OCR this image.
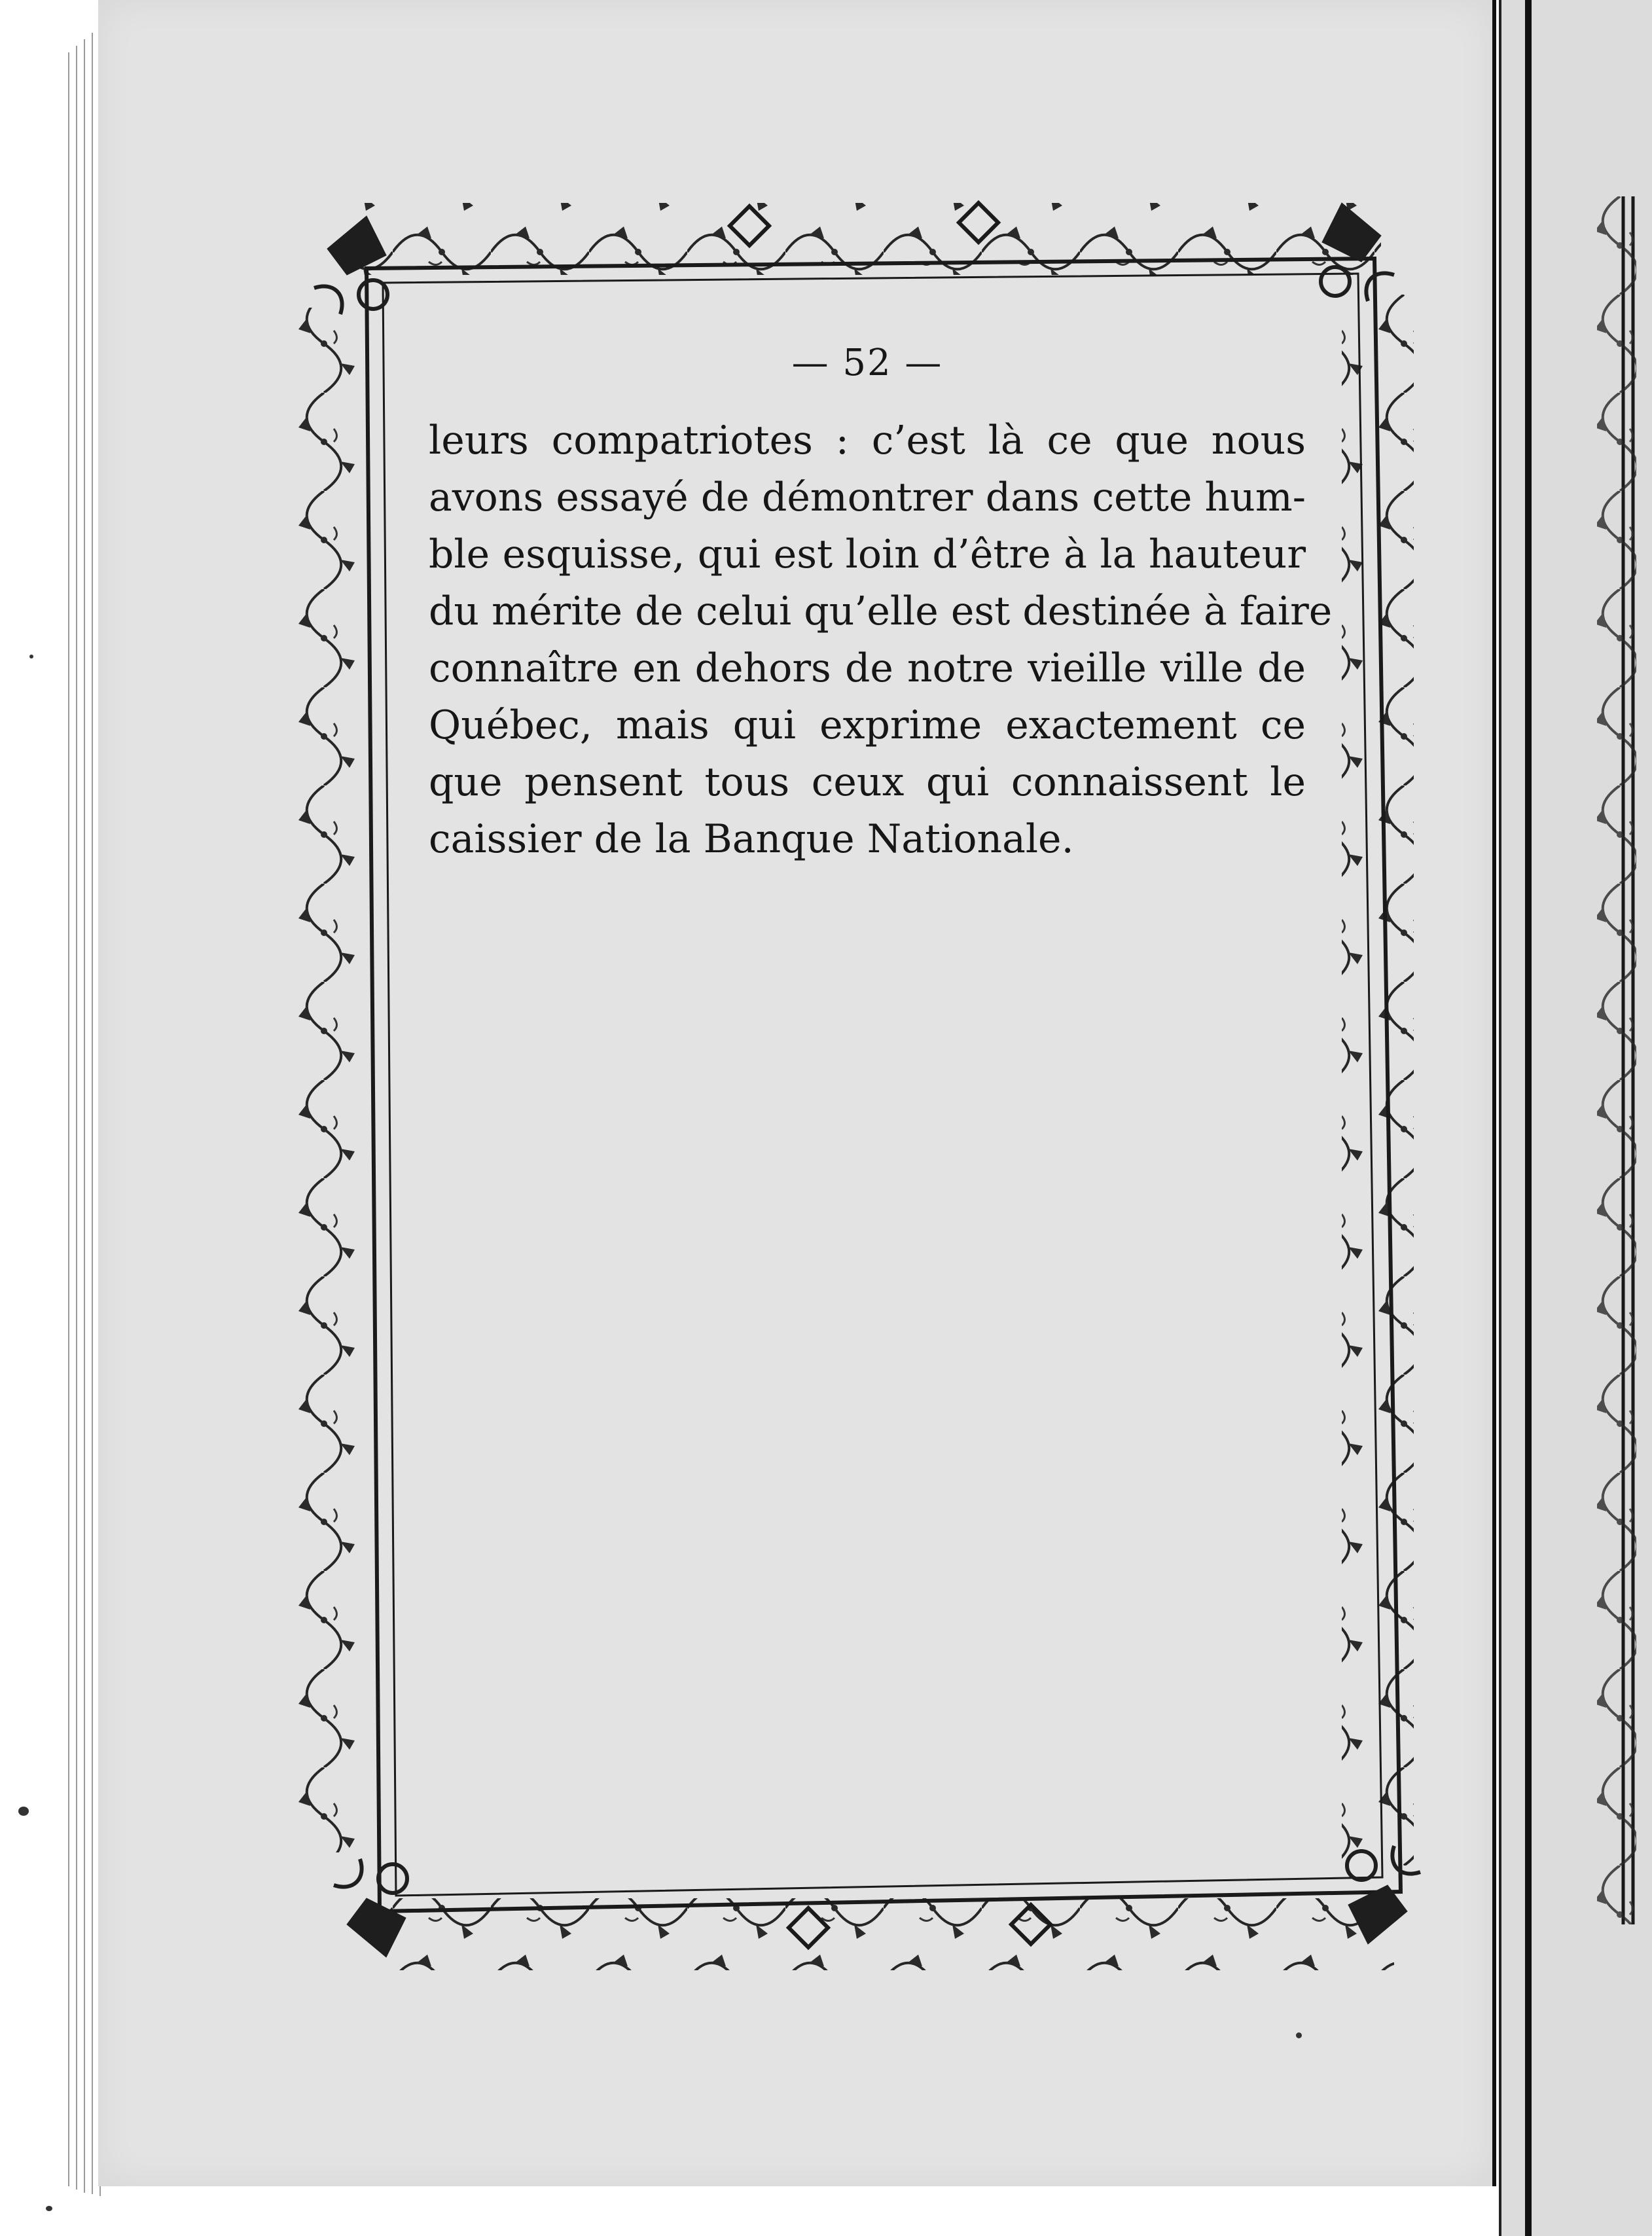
— 52 —
leurs compatriotes : c’est là ce que nous
avons essayé de démontrer dans cette hum-
ble esquisse, qui est loin d’être à la hauteur
du mérite de celui qu’elle est destinée à faire
connaître en dehors de notre vieille ville de
Québec, mais qui exprime exactement ce
que pensent tous ceux qui connaissent le
caissier de la Banque Nationale.
